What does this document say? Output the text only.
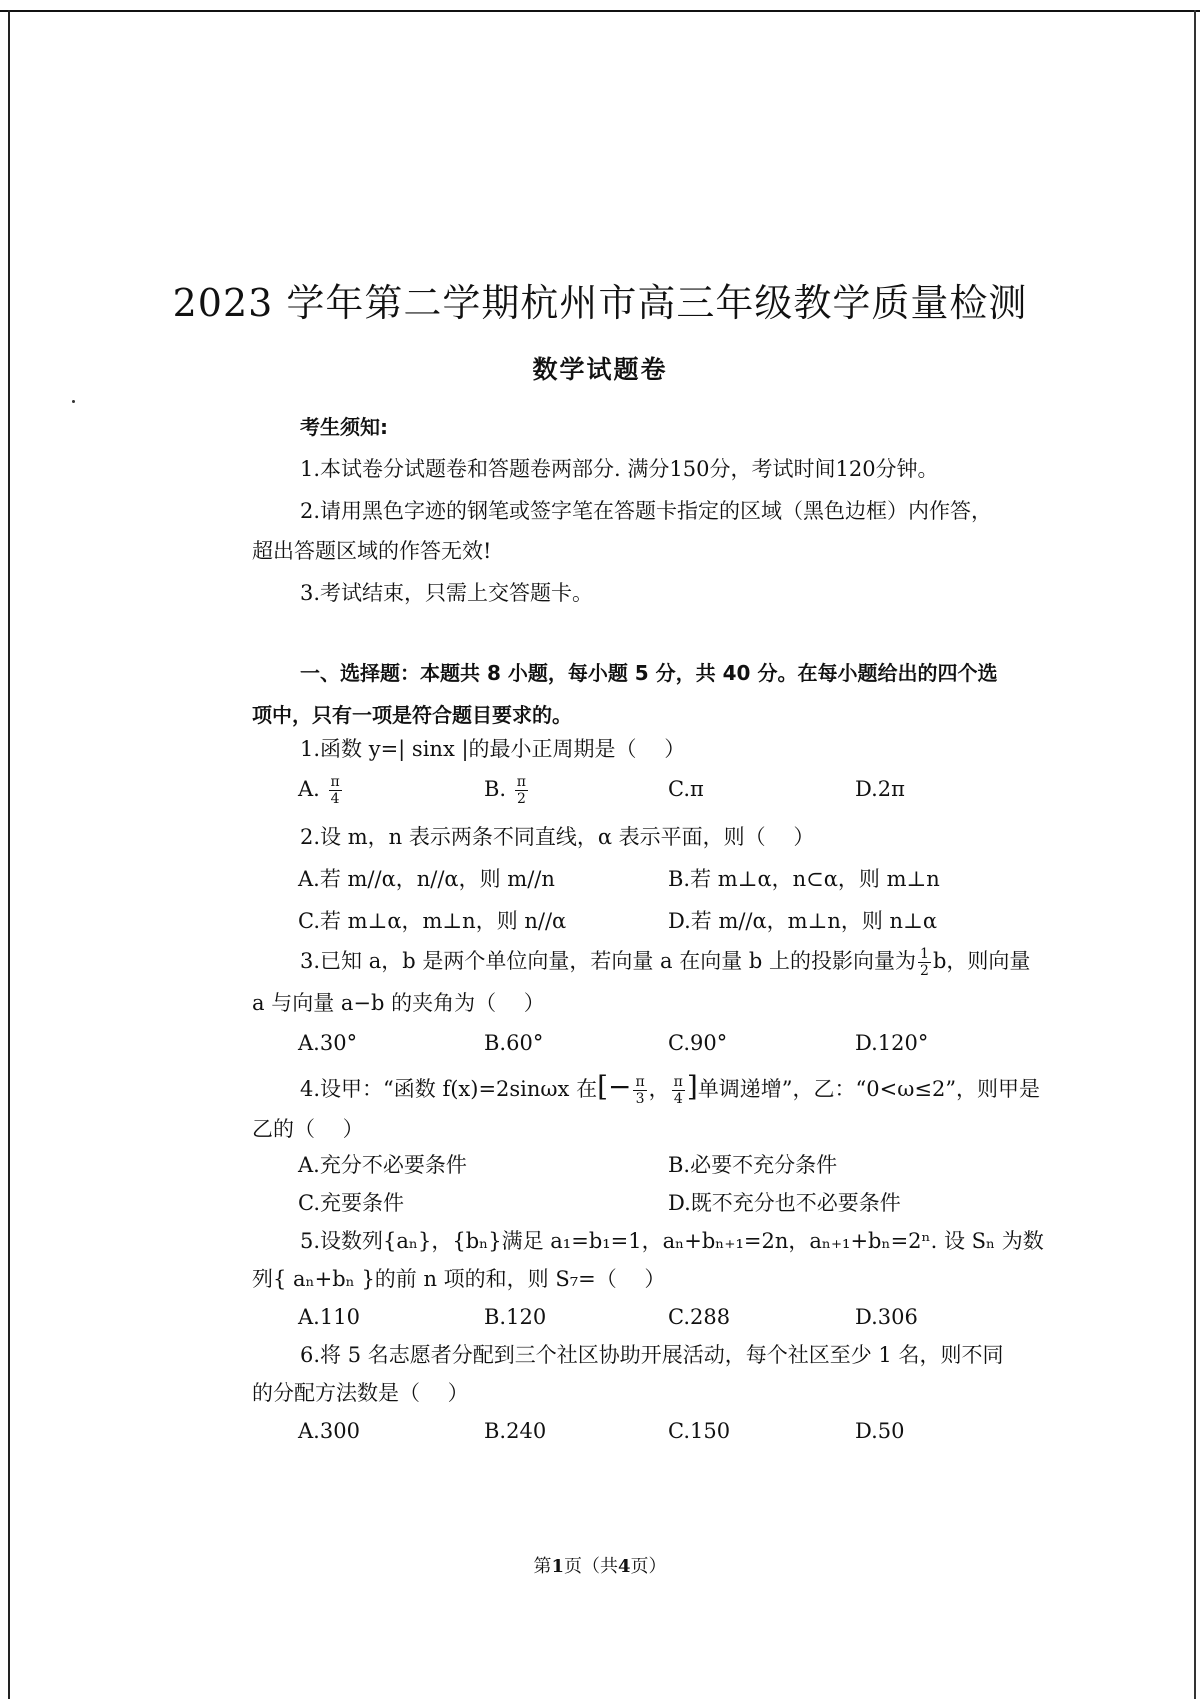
2023 学年第二学期杭州市高三年级教学质量检测
数学试题卷
考生须知:
1.本试卷分试题卷和答题卷两部分. 满分150分，考试时间120分钟。
2.请用黑色字迹的钢笔或签字笔在答题卡指定的区域（黑色边框）内作答，
超出答题区域的作答无效!
3.考试结束，只需上交答题卡。
一、选择题：本题共 8 小题，每小题 5 分，共 40 分。在每小题给出的四个选
项中，只有一项是符合题目要求的。
1.函数 y=| sinx |的最小正周期是（　 ）
A. $\frac{\pi}{4}$	B. $\frac{\pi}{2}$	C.π	D.2π
2.设 m，n 表示两条不同直线，α 表示平面，则（　 ）
A.若 m//α，n//α，则 m//n	B.若 m⊥α，n⊂α，则 m⊥n
C.若 m⊥α，m⊥n，则 n//α	D.若 m//α，m⊥n，则 n⊥α
3.已知 a，b 是两个单位向量，若向量 a 在向量 b 上的投影向量为 $\frac{1}{2}$ b，则向量
a 与向量 a−b 的夹角为（　 ）
A.30°	B.60°	C.90°	D.120°
4.设甲：“函数 f(x)=2sinωx 在[− $\frac{\pi}{3}$ ， $\frac{\pi}{4}$ ]单调递增”，乙：“0<ω≤2”，则甲是
乙的（　 ）
A.充分不必要条件	B.必要不充分条件
C.充要条件	D.既不充分也不必要条件
5.设数列{aₙ}，{bₙ}满足 a₁=b₁=1，aₙ+bₙ₊₁=2n，aₙ₊₁+bₙ=2ⁿ. 设 Sₙ 为数
列{ aₙ+bₙ }的前 n 项的和，则 S₇=（　 ）
A.110	B.120	C.288	D.306
6.将 5 名志愿者分配到三个社区协助开展活动，每个社区至少 1 名，则不同
的分配方法数是（　 ）
A.300	B.240	C.150	D.50
第1页（共4页）
